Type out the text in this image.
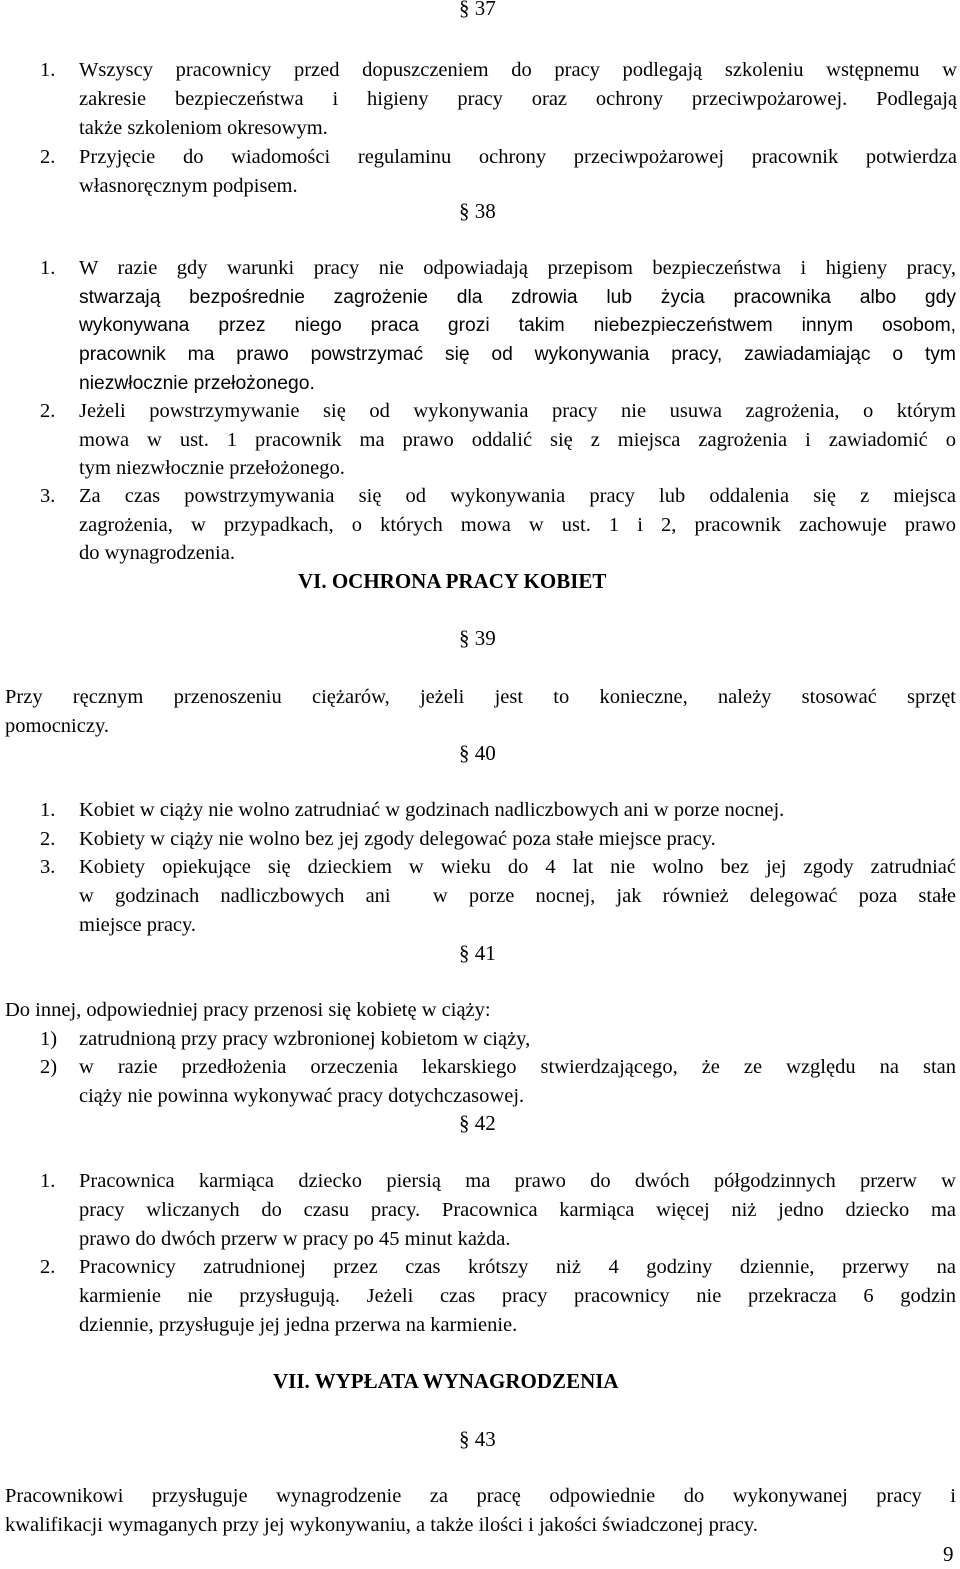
§ 37
1. Wszyscy pracownicy przed dopuszczeniem do pracy podlegają szkoleniu wstępnemu w
zakresie bezpieczeństwa i higieny pracy oraz ochrony przeciwpożarowej. Podlegają
także szkoleniom okresowym.
2. Przyjęcie do wiadomości regulaminu ochrony przeciwpożarowej pracownik potwierdza
własnoręcznym podpisem.
§ 38
1. W razie gdy warunki pracy nie odpowiadają przepisom bezpieczeństwa i higieny pracy,
stwarzają bezpośrednie zagrożenie dla zdrowia lub życia pracownika albo gdy
wykonywana przez niego praca grozi takim niebezpieczeństwem innym osobom,
pracownik ma prawo powstrzymać się od wykonywania pracy, zawiadamiając o tym
niezwłocznie przełożonego.
2. Jeżeli powstrzymywanie się od wykonywania pracy nie usuwa zagrożenia, o którym
mowa w ust. 1 pracownik ma prawo oddalić się z miejsca zagrożenia i zawiadomić o
tym niezwłocznie przełożonego.
3. Za czas powstrzymywania się od wykonywania pracy lub oddalenia się z miejsca
zagrożenia, w przypadkach, o których mowa w ust. 1 i 2, pracownik zachowuje prawo
do wynagrodzenia.
VI. OCHRONA PRACY KOBIET
§ 39
Przy ręcznym przenoszeniu ciężarów, jeżeli jest to konieczne, należy stosować sprzęt
pomocniczy.
§ 40
1. Kobiet w ciąży nie wolno zatrudniać w godzinach nadliczbowych ani w porze nocnej.
2. Kobiety w ciąży nie wolno bez jej zgody delegować poza stałe miejsce pracy.
3. Kobiety opiekujące się dzieckiem w wieku do 4 lat nie wolno bez jej zgody zatrudniać
w godzinach nadliczbowych ani  w porze nocnej, jak również delegować poza stałe
miejsce pracy.
§ 41
Do innej, odpowiedniej pracy przenosi się kobietę w ciąży:
1) zatrudnioną przy pracy wzbronionej kobietom w ciąży,
2) w razie przedłożenia orzeczenia lekarskiego stwierdzającego, że ze względu na stan
ciąży nie powinna wykonywać pracy dotychczasowej.
§ 42
1. Pracownica karmiąca dziecko piersią ma prawo do dwóch półgodzinnych przerw w
pracy wliczanych do czasu pracy. Pracownica karmiąca więcej niż jedno dziecko ma
prawo do dwóch przerw w pracy po 45 minut każda.
2. Pracownicy zatrudnionej przez czas krótszy niż 4 godziny dziennie, przerwy na
karmienie nie przysługują. Jeżeli czas pracy pracownicy nie przekracza 6 godzin
dziennie, przysługuje jej jedna przerwa na karmienie.
VII. WYPŁATA WYNAGRODZENIA
§ 43
Pracownikowi przysługuje wynagrodzenie za pracę odpowiednie do wykonywanej pracy i
kwalifikacji wymaganych przy jej wykonywaniu, a także ilości i jakości świadczonej pracy.
9
